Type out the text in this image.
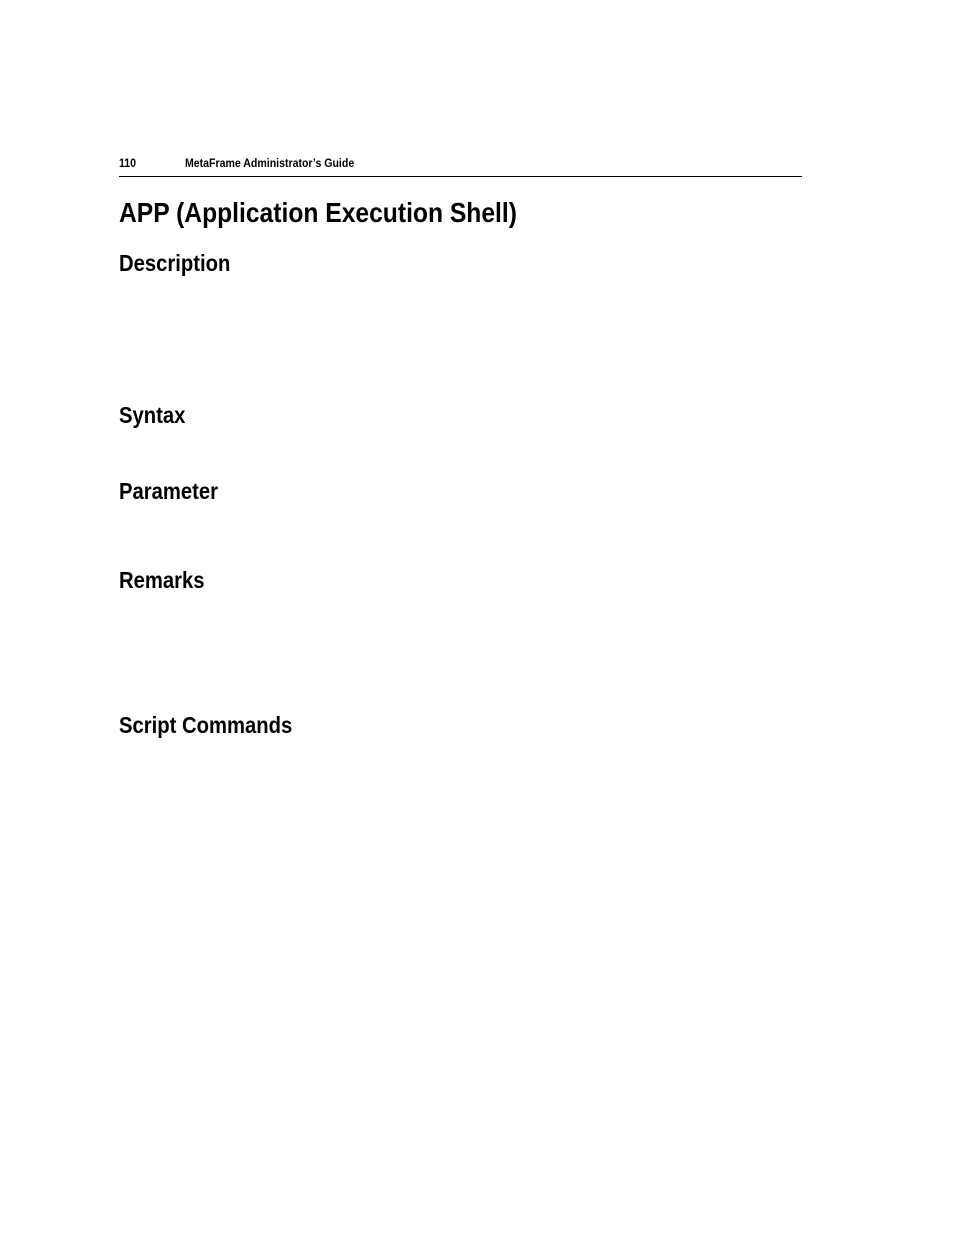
110	MetaFrame Administrator’s Guide
APP (Application Execution Shell)
Description
Syntax
Parameter
Remarks
Script Commands
